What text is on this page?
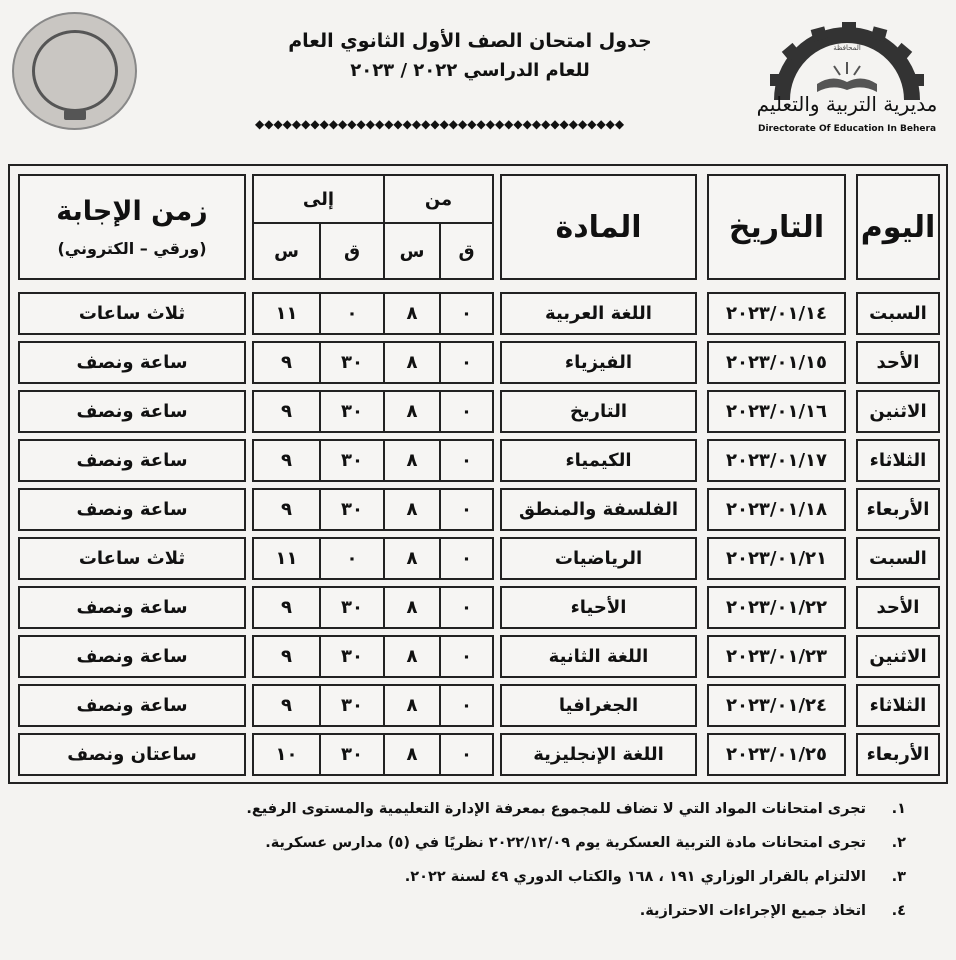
جدول امتحان الصف الأول الثانوي العام
للعام الدراسي ٢٠٢٢ / ٢٠٢٣
◆◆◆◆◆◆◆◆◆◆◆◆◆◆◆◆◆◆◆◆◆◆◆◆◆◆◆◆◆◆◆◆◆◆◆◆◆◆◆◆
المحافظة
مديرية التربية والتعليم
Directorate Of Education In Behera
اليوم
التاريخ
المادة
من
إلى
ق
س
ق
س
زمن الإجابة
(ورقي – الكتروني)
السبت
٢٠٢٣/٠١/١٤
اللغة العربية
٠
٨
٠
١١
ثلاث ساعات
الأحد
٢٠٢٣/٠١/١٥
الفيزياء
٠
٨
٣٠
٩
ساعة ونصف
الاثنين
٢٠٢٣/٠١/١٦
التاريخ
٠
٨
٣٠
٩
ساعة ونصف
الثلاثاء
٢٠٢٣/٠١/١٧
الكيمياء
٠
٨
٣٠
٩
ساعة ونصف
الأربعاء
٢٠٢٣/٠١/١٨
الفلسفة والمنطق
٠
٨
٣٠
٩
ساعة ونصف
السبت
٢٠٢٣/٠١/٢١
الرياضيات
٠
٨
٠
١١
ثلاث ساعات
الأحد
٢٠٢٣/٠١/٢٢
الأحياء
٠
٨
٣٠
٩
ساعة ونصف
الاثنين
٢٠٢٣/٠١/٢٣
اللغة الثانية
٠
٨
٣٠
٩
ساعة ونصف
الثلاثاء
٢٠٢٣/٠١/٢٤
الجغرافيا
٠
٨
٣٠
٩
ساعة ونصف
الأربعاء
٢٠٢٣/٠١/٢٥
اللغة الإنجليزية
٠
٨
٣٠
١٠
ساعتان ونصف
١.
تجرى امتحانات المواد التي لا تضاف للمجموع بمعرفة الإدارة التعليمية والمستوى الرفيع.
٢.
تجرى امتحانات مادة التربية العسكرية يوم ٢٠٢٢/١٢/٠٩ نظريًا في (٥) مدارس عسكرية.
٣.
الالتزام بالقرار الوزاري ١٩١ ، ١٦٨ والكتاب الدوري ٤٩ لسنة ٢٠٢٢.
٤.
اتخاذ جميع الإجراءات الاحترازية.
